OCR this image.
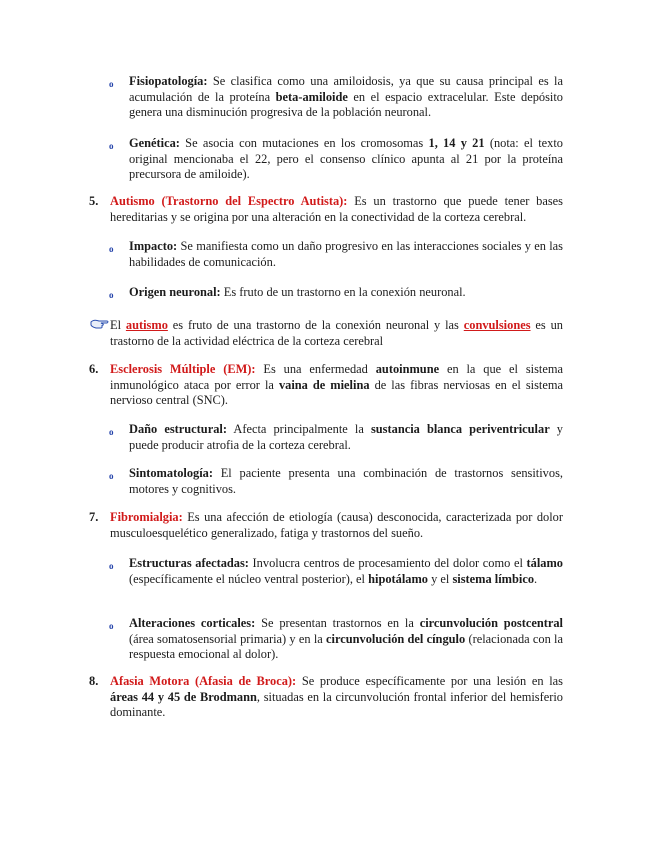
o Fisiopatología: Se clasifica como una amiloidosis, ya que su causa principal es la acumulación de la proteína beta-amiloide en el espacio extracelular. Este depósito genera una disminución progresiva de la población neuronal.
o Genética: Se asocia con mutaciones en los cromosomas 1, 14 y 21 (nota: el texto original mencionaba el 22, pero el consenso clínico apunta al 21 por la proteína precursora de amiloide).
5. Autismo (Trastorno del Espectro Autista): Es un trastorno que puede tener bases hereditarias y se origina por una alteración en la conectividad de la corteza cerebral.
o Impacto: Se manifiesta como un daño progresivo en las interacciones sociales y en las habilidades de comunicación.
o Origen neuronal: Es fruto de un trastorno en la conexión neuronal.
El autismo es fruto de una trastorno de la conexión neuronal y las convulsiones es un trastorno de la actividad eléctrica de la corteza cerebral
6. Esclerosis Múltiple (EM): Es una enfermedad autoinmune en la que el sistema inmunológico ataca por error la vaina de mielina de las fibras nerviosas en el sistema nervioso central (SNC).
o Daño estructural: Afecta principalmente la sustancia blanca periventricular y puede producir atrofia de la corteza cerebral.
o Sintomatología: El paciente presenta una combinación de trastornos sensitivos, motores y cognitivos.
7. Fibromialgia: Es una afección de etiología (causa) desconocida, caracterizada por dolor musculoesquelético generalizado, fatiga y trastornos del sueño.
o Estructuras afectadas: Involucra centros de procesamiento del dolor como el tálamo (específicamente el núcleo ventral posterior), el hipotálamo y el sistema límbico.
o Alteraciones corticales: Se presentan trastornos en la circunvolución postcentral (área somatosensorial primaria) y en la circunvolución del cíngulo (relacionada con la respuesta emocional al dolor).
8. Afasia Motora (Afasia de Broca): Se produce específicamente por una lesión en las áreas 44 y 45 de Brodmann, situadas en la circunvolución frontal inferior del hemisferio dominante.
